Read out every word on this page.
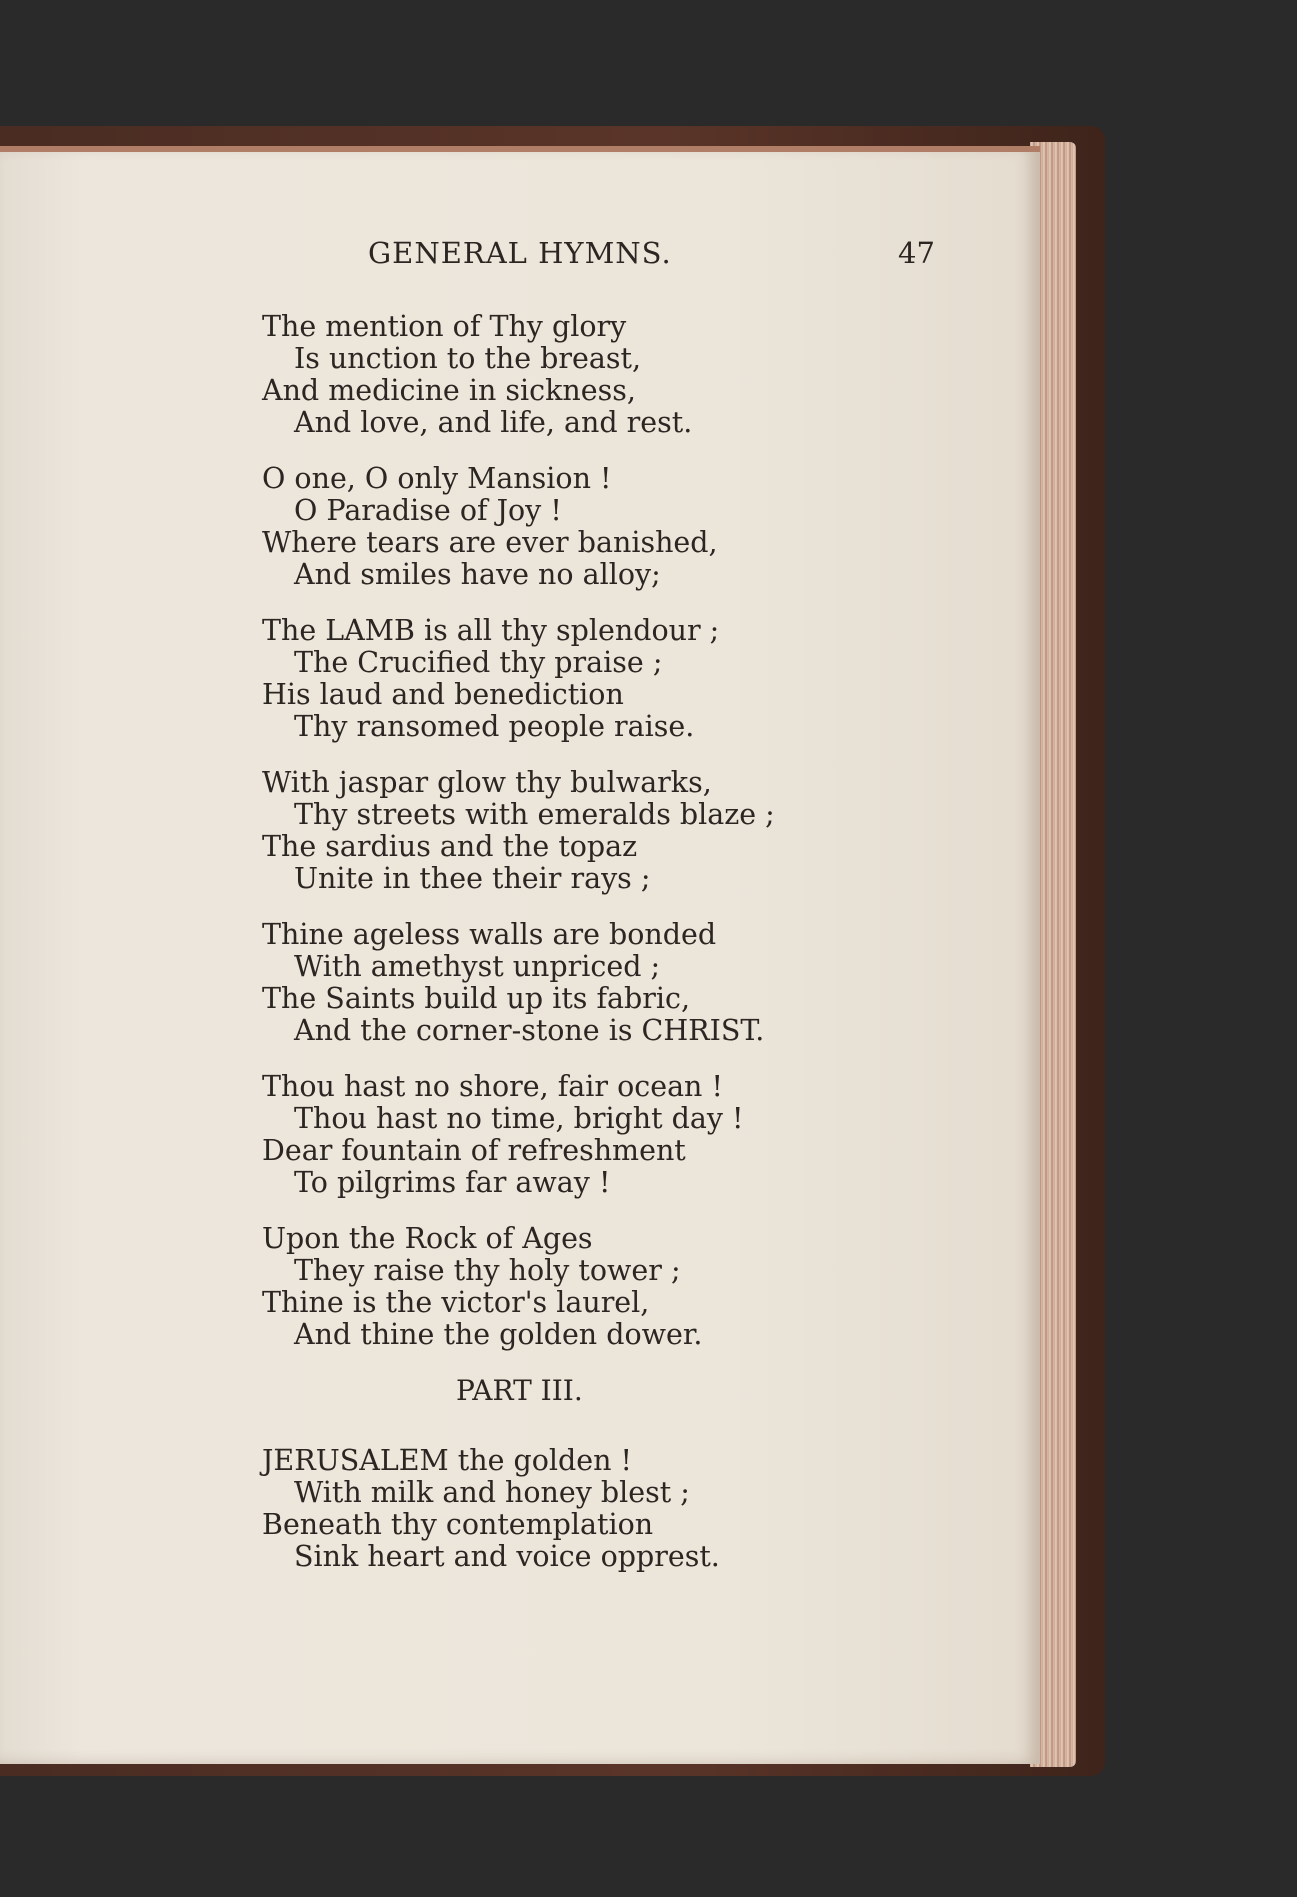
GENERAL HYMNS.	47
The mention of Thy glory
Is unction to the breast,
And medicine in sickness,
And love, and life, and rest.
O one, O only Mansion !
O Paradise of Joy !
Where tears are ever banished,
And smiles have no alloy;
The LAMB is all thy splendour ;
The Crucified thy praise ;
His laud and benediction
Thy ransomed people raise.
With jaspar glow thy bulwarks,
Thy streets with emeralds blaze ;
The sardius and the topaz
Unite in thee their rays ;
Thine ageless walls are bonded
With amethyst unpriced ;
The Saints build up its fabric,
And the corner-stone is CHRIST.
Thou hast no shore, fair ocean !
Thou hast no time, bright day !
Dear fountain of refreshment
To pilgrims far away !
Upon the Rock of Ages
They raise thy holy tower ;
Thine is the victor's laurel,
And thine the golden dower.
PART III.
JERUSALEM the golden !
With milk and honey blest ;
Beneath thy contemplation
Sink heart and voice opprest.
